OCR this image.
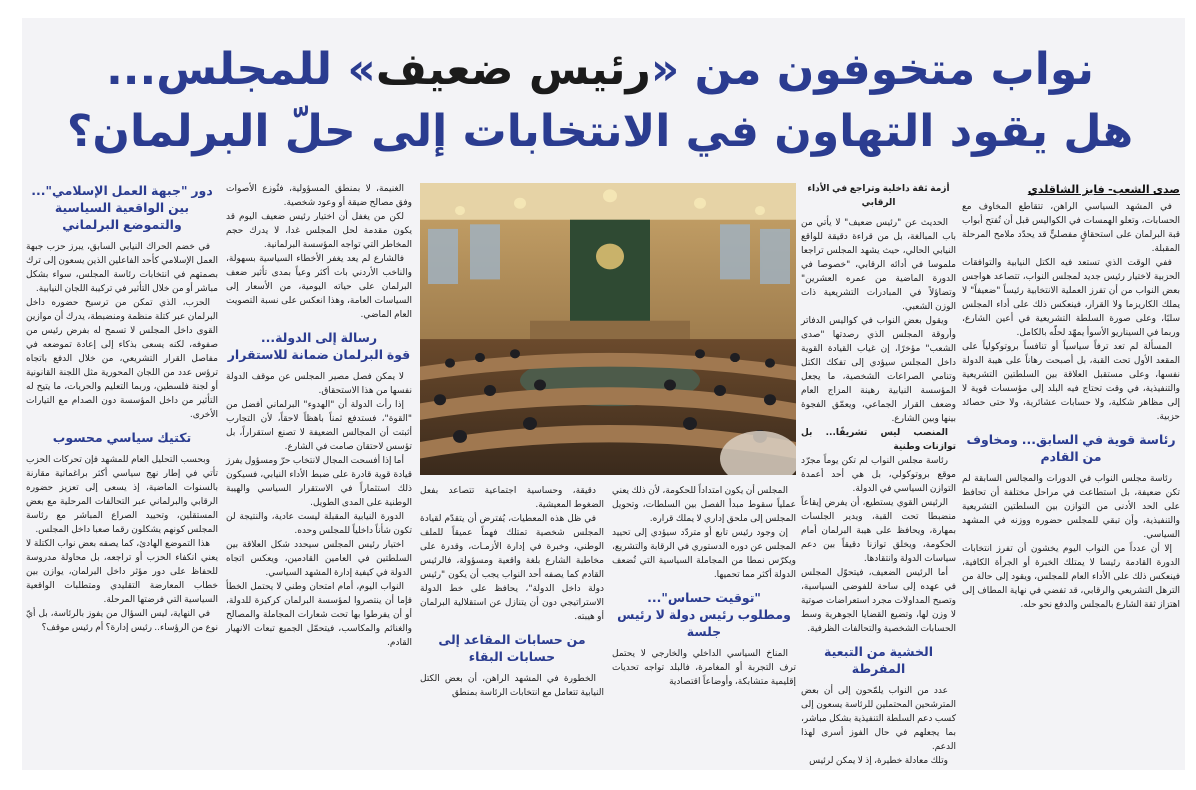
نواب متخوفون من «رئيس ضعيف» للمجلس...
هل يقود التهاون في الانتخابات إلى حلّ البرلمان؟
صدى الشعب- فايز الشاقلدي

في المشهد السياسي الراهن، تتقاطع المخاوف مع الحسابات، وتعلو الهمسات في الكواليس قبل أن تُفتح أبواب قبة البرلمان على استحقاقٍ مفصليٍّ قد يحدّد ملامح المرحلة المقبلة.

ففي الوقت الذي تستعد فيه الكتل النيابية والتوافقات الحزبية لاختيار رئيس جديد لمجلس النواب، تتصاعد هواجس بعض النواب من أن تفرز العملية الانتخابية رئيساً "ضعيفاً" لا يملك الكاريزما ولا القرار، فينعكس ذلك على أداء المجلس سلبًا، وعلى صورة السلطة التشريعية في أعين الشارع، وربما في السيناريو الأسوأ يمهّد لحلّه بالكامل.

المسألة لم تعد ترفاً سياسياً أو تنافساً بروتوكولياً على المقعد الأول تحت القبة، بل أصبحت رهاناً على هيبة الدولة نفسها، وعلى مستقبل العلاقة بين السلطتين التشريعية والتنفيذية، في وقت تحتاج فيه البلد إلى مؤسسات قوية لا إلى مظاهر شكلية، ولا حسابات عشائرية، ولا حتى حصائد حزبية.

رئاسة قوية في السابق... ومخاوف من القادم

رئاسة مجلس النواب في الدورات والمجالس السابقة لم تكن ضعيفة، بل استطاعت في مراحل مختلفة أن تحافظ على الحد الأدنى من التوازن بين السلطتين التشريعية والتنفيذية، وأن تبقي للمجلس حضوره ووزنه في المشهد السياسي.

إلا أن عدداً من النواب اليوم يخشون أن تفرز انتخابات الدورة القادمة رئيسا لا يمتلك الخبرة أو الجرأة الكافية، فينعكس ذلك على الأداء العام للمجلس، ويقود إلى حالة من الترهل التشريعي والرقابي، قد تفضي في نهاية المطاف إلى اهتزاز ثقة الشارع بالمجلس والدفع نحو حله.

أزمة ثقة داخلية وتراجع في الأداء الرقابي

الحديث عن "رئيس ضعيف" لا يأتي من باب المبالغة، بل من قراءة دقيقة للواقع النيابي الحالي، حيث يشهد المجلس تراجعا ملموسا في أدائه الرقابي، "خصوصا في الدورة الماضية من عمره العشرين" وتضاؤلاً في المبادرات التشريعية ذات الوزن الشعبي.

ويقول بعض النواب في كواليس الدفاتر وأروقة المجلس الذي رصدتها "صدى الشعب" مؤخرًا، إن غياب القيادة القوية داخل المجلس سيؤدي إلى تفكك الكتل وتنامي الصراعات الشخصية، ما يجعل المؤسسة النيابية رهينة المزاج العام وضعف القرار الجماعي، ويعمّق الفجوة بينها وبين الشارع.

المنصب ليس تشريفًا... بل توازنات وطنية

رئاسة مجلس النواب لم تكن يوماً مجرّد موقع بروتوكولي، بل هي أحد أعمدة التوازن السياسي في الدولة.

الرئيس القوي يستطيع، أن يفرض إيقاعاً منضبطا تحت القبة، ويدير الجلسات بمهارة، ويحافظ على هيبة البرلمان أمام الحكومة، ويخلق توازنا دقيقاً بين دعم سياسات الدولة وانتقادها.

أما الرئيس الضعيف، فيتحوّل المجلس في عهده إلى ساحة للفوضى السياسية، وتصبح المداولات مجرد استعراضات صوتية لا وزن لها، وتضيع القضايا الجوهرية وسط الحسابات الشخصية والتحالفات الظرفية.

الخشية من التبعية المفرطة

عدد من النواب يلمّحون إلى أن بعض المترشحين المحتملين للرئاسة يسعون إلى كسب دعم السلطة التنفيذية بشكل مباشر، بما يجعلهم في حال الفوز أسرى لهذا الدعم.

وتلك معادلة خطيرة، إذ لا يمكن لرئيس

المجلس أن يكون امتداداً للحكومة، لأن ذلك يعني عملياً سقوط مبدأ الفصل بين السلطات، وتحويل المجلس إلى ملحق إداري لا يملك قراره.

إن وجود رئيس تابع أو متردّد سيؤدي إلى تحييد المجلس عن دوره الدستوري في الرقابة والتشريع، ويكرّس نمطا من المجاملة السياسية التي تُضعف الدولة أكثر مما تحميها.

"توقيت حساس"...
ومطلوب رئيس دولة لا رئيس جلسة

المناخ السياسي الداخلي والخارجي لا يحتمل ترف التجربة أو المغامرة، فالبلد تواجه تحديات إقليمية متشابكة، وأوضاعاً اقتصادية

دقيقة، وحساسية اجتماعية تتصاعد بفعل الضغوط المعيشية.

في ظل هذه المعطيات، يُفترض أن يتقدّم لقيادة المجلس شخصية تمتلك فهماً عميقاً للملف الوطني، وخبرة في إدارة الأزمـات، وقدرة على مخاطبة الشارع بلغة واقعية ومسؤولة، فالرئيس القادم كما يصفه أحد النواب يجب أن يكون "رئيس دولة داخل الدولة"، يحافظ على خط الدولة الاستراتيجي دون أن يتنازل عن استقلالية البرلمان أو هيبته.

من حسابات المقاعد إلى حسابات البقاء

الخطورة في المشهد الراهن، أن بعض الكتل النيابية تتعامل مع انتخابات الرئاسة بمنطق

الغنيمة، لا بمنطق المسؤولية، فتُوزع الأصوات وفق مصالح ضيقة أو وعود شخصية.

لكن من يغفل أن اختيار رئيس ضعيف اليوم قد يكون مقدمة لحل المجلس غدا، لا يدرك حجم المخاطر التي تواجه المؤسسة البرلمانية.

فالشارع لم يعد يغفر الأخطاء السياسية بسهولة، والناخب الأردني بات أكثر وعياً بمدى تأثير ضعف البرلمان على حياته اليومية، من الأسعار إلى السياسات العامة، وهذا انعكس على نسبة التصويت العام الماضي.

رسالة إلى الدولة...
قوة البرلمان ضمانة للاستقرار

لا يمكن فصل مصير المجلس عن موقف الدولة نفسها من هذا الاستحقاق.

إذا رأت الدولة أن "الهدوء" البرلماني أفضل من "القوة"، فستدفع ثمناً باهظاً لاحقاً، لأن التجارب أثبتت أن المجالس الضعيفة لا تصنع استقراراً، بل تؤسس لاحتقان صامت في الشارع.

أما إذا أفسحت المجال لانتخاب حرّ ومسؤول يفرز قيادة قوية قادرة على ضبط الأداء النيابي، فسيكون ذلك استثماراً في الاستقرار السياسي والهيبة الوطنية على المدى الطويل.

الدورة النيابية المقبلة ليست عادية، والنتيجة لن تكون شأناً داخلياً للمجلس وحده.

اختيار رئيس المجلس سيحدد شكل العلاقة بين السلطتين في العامين القادمين، ويعكس اتجاه الدولة في كيفية إدارة المشهد السياسي.

النواب اليوم، أمام امتحان وطني لا يحتمل الخطأ فإما أن ينتصروا لمؤسسة البرلمان كركيزة للدولة، أو أن يفرطوا بها تحت شعارات المجاملة والمصالح والغنائم والمكاسب، فيتحمّل الجميع تبعات الانهيار القادم.

دور "جبهة العمل الإسلامي"... بين الواقعية السياسية والتموضع البرلماني

في خضم الحراك النيابي السابق، يبرز حزب جبهة العمل الإسلامي كأحد الفاعلين الذين يسعون إلى ترك بصمتهم في انتخابات رئاسة المجلس، سواء بشكل مباشر أو من خلال التأثير في تركيبة اللجان النيابية.

الحزب، الذي تمكن من ترسيخ حضوره داخل البرلمان عبر كتلة منظمة ومنضبطة، يدرك أن موازين القوى داخل المجلس لا تسمح له بفرض رئيس من صفوفه، لكنه يسعى بذكاء إلى إعادة تموضعه في مفاصل القرار التشريعي، من خلال الدفع باتجاه ترؤس عدد من اللجان المحورية مثل اللجنة القانونية أو لجنة فلسطين، وربما التعليم والحريات، ما يتيح له التأثير من داخل المؤسسة دون الصدام مع التيارات الأخرى.

تكتيك سياسي محسوب

وبحسب التحليل العام للمشهد فإن تحركات الحزب تأتي في إطار نهج سياسي أكثر براغماتية مقارنة بالسنوات الماضية، إذ يسعى إلى تعزيز حضوره الرقابي والبرلماني عبر التحالفات المرحلية مع بعض المستقلين، وتحييد الصراع المباشر مع رئاسة المجلس كونهم يشكلون رقما صعبا داخل المجلس.

هذا التموضع الهادئ، كما يصفه بعض نواب الكتلة لا يعني انكفاء الحزب أو تراجعه، بل محاولة مدروسة للحفاظ على دور مؤثر داخل البرلمان، يوازن بين خطاب المعارضة التقليدي ومتطلبات الواقعية السياسية التي فرضتها المرحلة.

في النهاية، ليس السؤال من يفوز بالرئاسة، بل أيّ نوع من الرؤساء.. رئيس إدارة؟ أم رئيس موقف؟
